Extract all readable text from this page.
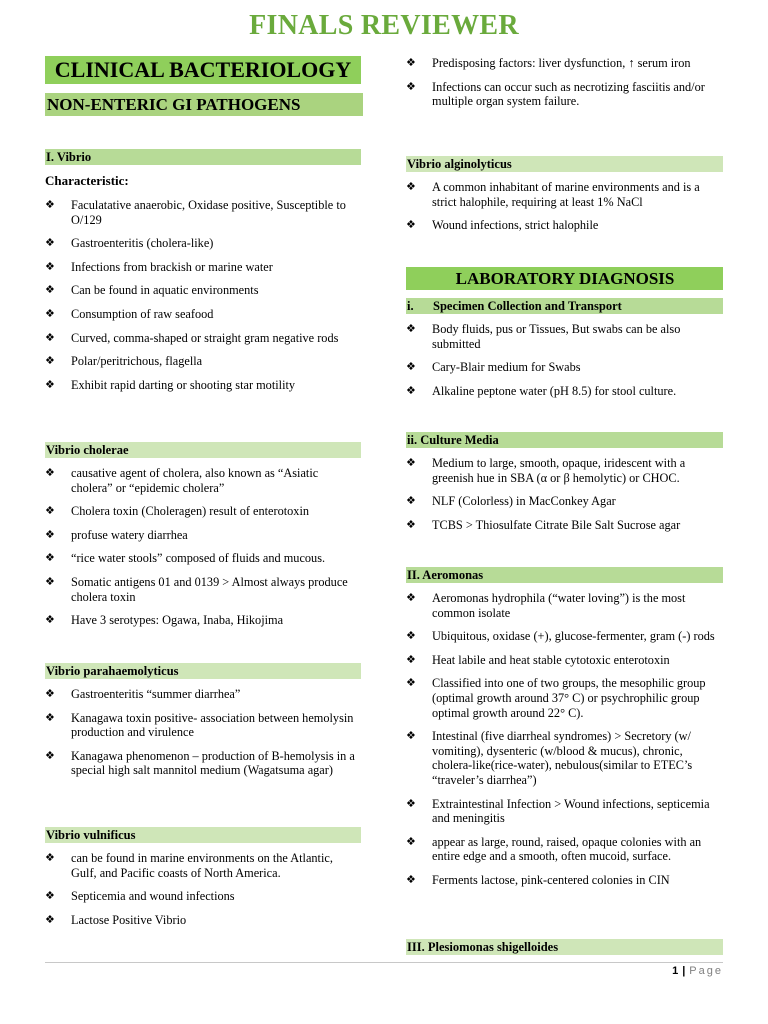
FINALS REVIEWER
CLINICAL BACTERIOLOGY
NON-ENTERIC GI PATHOGENS
I. Vibrio
Characteristic:
❖ Faculatative anaerobic, Oxidase positive, Susceptible to O/129
❖ Gastroenteritis (cholera-like)
❖ Infections from brackish or marine water
❖ Can be found in aquatic environments
❖ Consumption of raw seafood
❖ Curved, comma-shaped or straight gram negative rods
❖ Polar/peritrichous, flagella
❖ Exhibit rapid darting or shooting star motility
Vibrio cholerae
❖ causative agent of cholera, also known as “Asiatic cholera” or “epidemic cholera”
❖ Cholera toxin (Choleragen) result of enterotoxin
❖ profuse watery diarrhea
❖ “rice water stools” composed of fluids and mucous.
❖ Somatic antigens 01 and 0139 > Almost always produce cholera toxin
❖ Have 3 serotypes: Ogawa, Inaba, Hikojima
Vibrio parahaemolyticus
❖ Gastroenteritis “summer diarrhea”
❖ Kanagawa toxin positive- association between hemolysin production and virulence
❖ Kanagawa phenomenon – production of B-hemolysis in a special high salt mannitol medium (Wagatsuma agar)
Vibrio vulnificus
❖ can be found in marine environments on the Atlantic, Gulf, and Pacific coasts of North America.
❖ Septicemia and wound infections
❖ Lactose Positive Vibrio
❖ Predisposing factors: liver dysfunction, ↑ serum iron
❖ Infections can occur such as necrotizing fasciitis and/or multiple organ system failure.
Vibrio alginolyticus
❖ A common inhabitant of marine environments and is a strict halophile, requiring at least 1% NaCl
❖ Wound infections, strict halophile
LABORATORY DIAGNOSIS
i. Specimen Collection and Transport
❖ Body fluids, pus or Tissues, But swabs can be also submitted
❖ Cary-Blair medium for Swabs
❖ Alkaline peptone water (pH 8.5) for stool culture.
ii. Culture Media
❖ Medium to large, smooth, opaque, iridescent with a greenish hue in SBA (α or β hemolytic) or CHOC.
❖ NLF (Colorless) in MacConkey Agar
❖ TCBS > Thiosulfate Citrate Bile Salt Sucrose agar
II. Aeromonas
❖ Aeromonas hydrophila (“water loving”) is the most common isolate
❖ Ubiquitous, oxidase (+), glucose-fermenter, gram (-) rods
❖ Heat labile and heat stable cytotoxic enterotoxin
❖ Classified into one of two groups, the mesophilic group (optimal growth around 37° C) or psychrophilic group optimal growth around 22° C).
❖ Intestinal (five diarrheal syndromes) > Secretory (w/ vomiting), dysenteric (w/blood & mucus), chronic, cholera-like(rice-water), nebulous(similar to ETEC’s “traveler’s diarrhea”)
❖ Extraintestinal Infection > Wound infections, septicemia and meningitis
❖ appear as large, round, raised, opaque colonies with an entire edge and a smooth, often mucoid, surface.
❖ Ferments lactose, pink-centered colonies in CIN
III. Plesiomonas shigelloides
1 | Page
